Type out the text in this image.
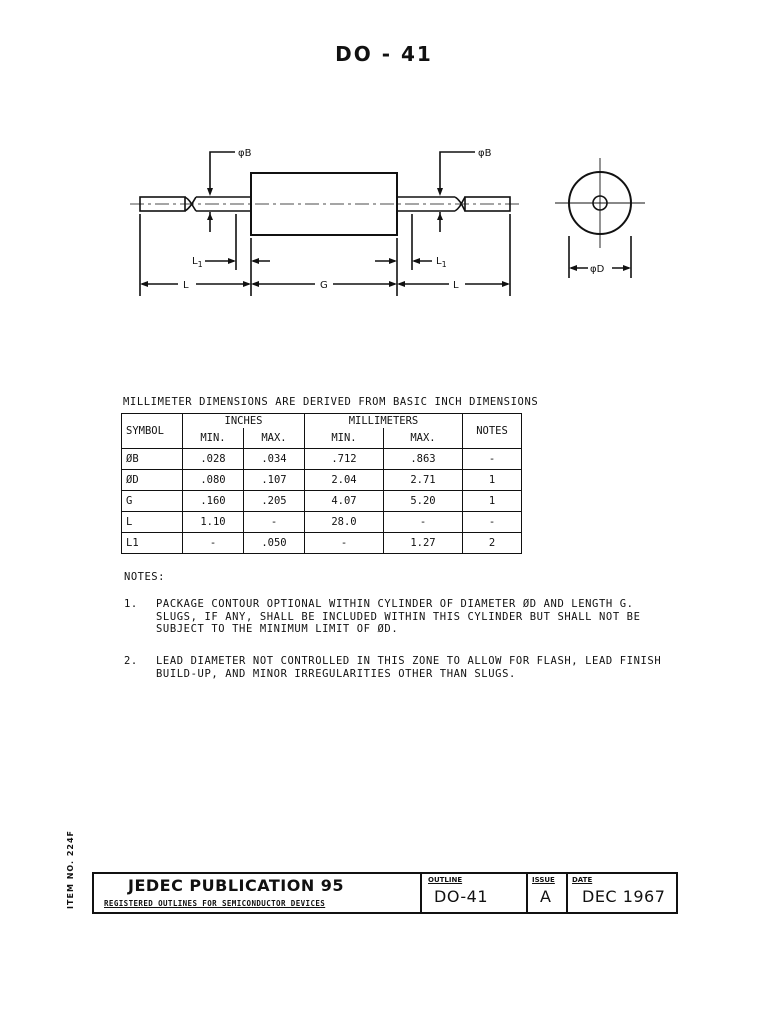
DO - 41
φB	φB
$L_1$	$L_1$
L	G	L
φD
MILLIMETER DIMENSIONS ARE DERIVED FROM BASIC INCH DIMENSIONS
SYMBOL	INCHES		MILLIMETERS		NOTES
	MIN.	MAX.	MIN.	MAX.	
ØB	.028	.034	.712	.863	-
ØD	.080	.107	2.04	2.71	1
G	.160	.205	4.07	5.20	1
L	1.10	-	28.0	-	-
L1	-	.050	-	1.27	2
NOTES:
1. PACKAGE CONTOUR OPTIONAL WITHIN CYLINDER OF DIAMETER ØD AND LENGTH G. SLUGS, IF ANY, SHALL BE INCLUDED WITHIN THIS CYLINDER BUT SHALL NOT BE SUBJECT TO THE MINIMUM LIMIT OF ØD.
2. LEAD DIAMETER NOT CONTROLLED IN THIS ZONE TO ALLOW FOR FLASH, LEAD FINISH BUILD-UP, AND MINOR IRREGULARITIES OTHER THAN SLUGS.
ITEM NO. 224F	JEDEC PUBLICATION 95
REGISTERED OUTLINES FOR SEMICONDUCTOR DEVICES
OUTLINE
DO-41
ISSUE
A
DATE
DEC 1967
